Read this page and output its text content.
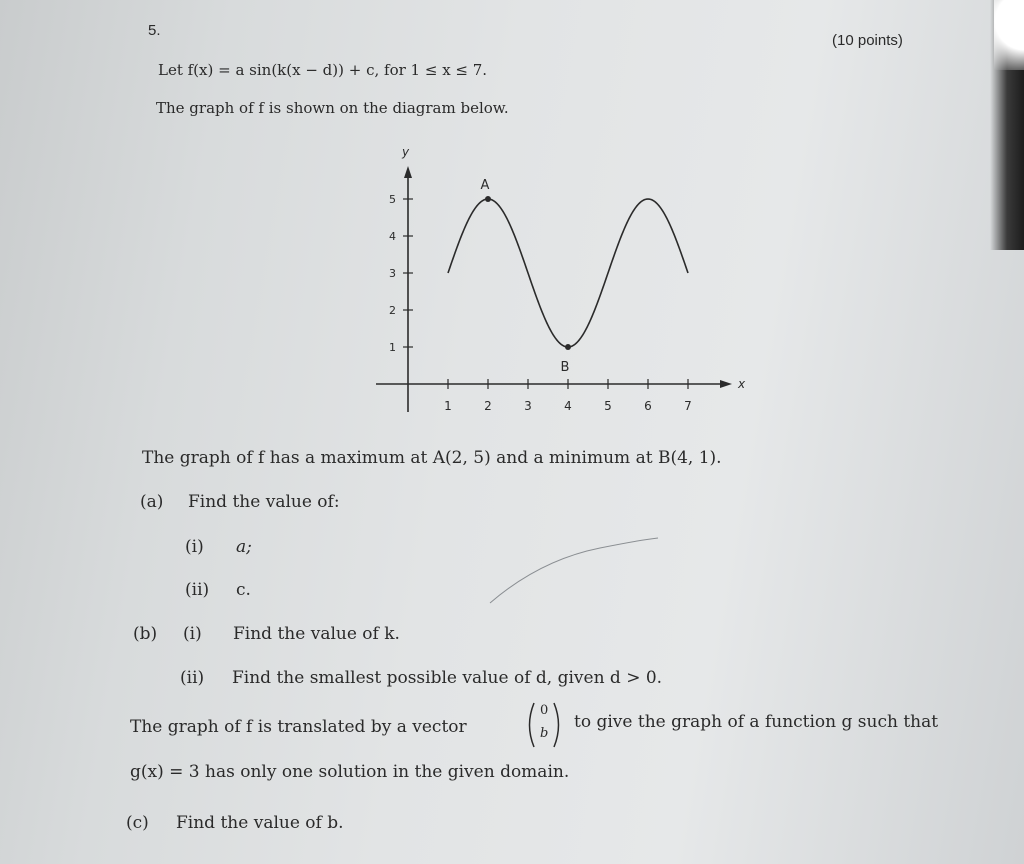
5.
(10 points)
Let f(x) = a sin(k(x − d)) + c, for 1 ≤ x ≤ 7.
The graph of f is shown on the diagram below.
x
y
1	2	3	4	5	6	7
1
2
3
4
5
A
B
The graph of f has a maximum at A(2, 5) and a minimum at B(4, 1).
(a) Find the value of:
(i) a;
(ii) c.
(b) (i) Find the value of k.
(ii) Find the smallest possible value of d, given d > 0.
The graph of f is translated by a vector
0
b
to give the graph of a function g such that
g(x) = 3 has only one solution in the given domain.
(c) Find the value of b.
